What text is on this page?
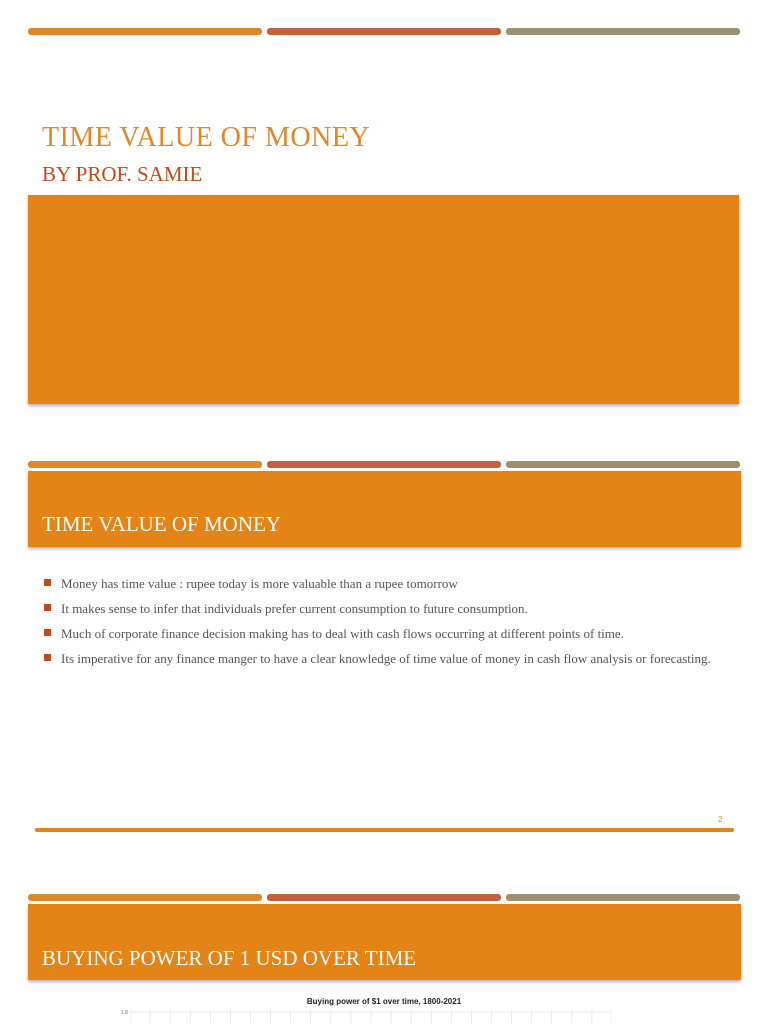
TIME VALUE OF MONEY
BY PROF. SAMIE
TIME VALUE OF MONEY
Money has time value : rupee today is more valuable than a rupee tomorrow
It makes sense to infer that individuals prefer current consumption to future consumption.
Much of corporate finance decision making has to deal with cash flows occurring at different points of time.
Its imperative for any finance manger to have a clear knowledge of time value of money in cash flow analysis or forecasting.
2
BUYING POWER OF 1 USD OVER TIME
Buying power of $1 over time, 1800-2021
1.8
